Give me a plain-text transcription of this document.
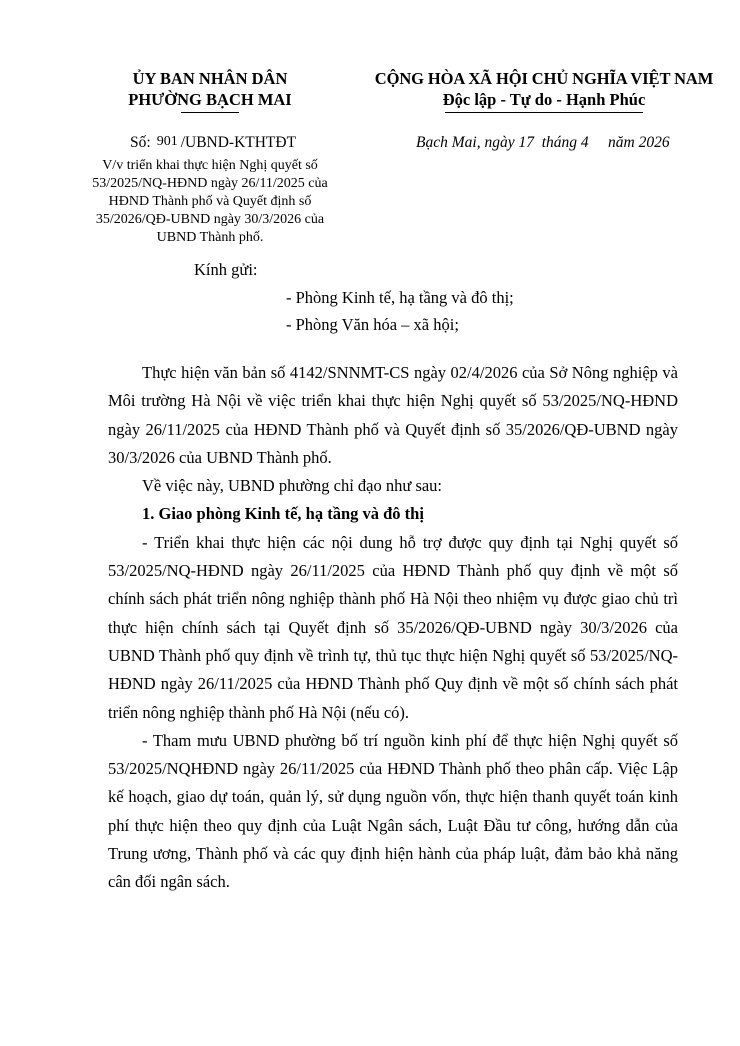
ỦY BAN NHÂN DÂN
PHƯỜNG BẠCH MAI
CỘNG HÒA XÃ HỘI CHỦ NGHĨA VIỆT NAM
Độc lập - Tự do - Hạnh Phúc
Số: 901 /UBND-KTHTĐT
V/v triển khai thực hiện Nghị quyết số
53/2025/NQ-HĐND ngày 26/11/2025 của
HĐND Thành phố và Quyết định số
35/2026/QĐ-UBND ngày 30/3/2026 của
UBND Thành phố.
Bạch Mai, ngày 17 tháng 4 năm 2026
Kính gửi:
- Phòng Kinh tế, hạ tầng và đô thị;
- Phòng Văn hóa – xã hội;

Thực hiện văn bản số 4142/SNNMT-CS ngày 02/4/2026 của Sở Nông nghiệp và Môi trường Hà Nội về việc triển khai thực hiện Nghị quyết số 53/2025/NQ-HĐND ngày 26/11/2025 của HĐND Thành phố và Quyết định số 35/2026/QĐ-UBND ngày 30/3/2026 của UBND Thành phố.

Về việc này, UBND phường chỉ đạo như sau:

1. Giao phòng Kinh tế, hạ tầng và đô thị

- Triển khai thực hiện các nội dung hỗ trợ được quy định tại Nghị quyết số 53/2025/NQ-HĐND ngày 26/11/2025 của HĐND Thành phố quy định về một số chính sách phát triển nông nghiệp thành phố Hà Nội theo nhiệm vụ được giao chủ trì thực hiện chính sách tại Quyết định số 35/2026/QĐ-UBND ngày 30/3/2026 của UBND Thành phố quy định về trình tự, thủ tục thực hiện Nghị quyết số 53/2025/NQ-HĐND ngày 26/11/2025 của HĐND Thành phố Quy định về một số chính sách phát triển nông nghiệp thành phố Hà Nội (nếu có).

- Tham mưu UBND phường bố trí nguồn kinh phí để thực hiện Nghị quyết số 53/2025/NQHĐND ngày 26/11/2025 của HĐND Thành phố theo phân cấp. Việc Lập kế hoạch, giao dự toán, quản lý, sử dụng nguồn vốn, thực hiện thanh quyết toán kinh phí thực hiện theo quy định của Luật Ngân sách, Luật Đầu tư công, hướng dẫn của Trung ương, Thành phố và các quy định hiện hành của pháp luật, đảm bảo khả năng cân đối ngân sách.
